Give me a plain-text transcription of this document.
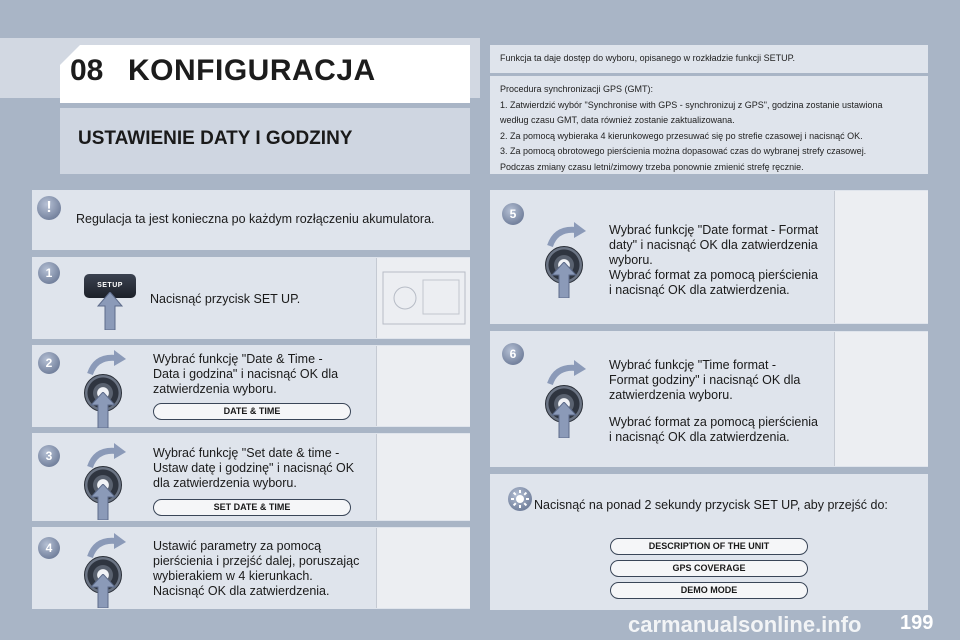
08 KONFIGURACJA
USTAWIENIE DATY I GODZINY
Funkcja ta daje dostęp do wyboru, opisanego w rozkładzie funkcji SETUP.
Procedura synchronizacji GPS (GMT):
1. Zatwierdzić wybór "Synchronise with GPS - synchronizuj z GPS", godzina zostanie ustawiona
według czasu GMT, data również zostanie zaktualizowana.
2. Za pomocą wybieraka 4 kierunkowego przesuwać się po strefie czasowej i nacisnąć OK.
3. Za pomocą obrotowego pierścienia można dopasować czas do wybranej strefy czasowej.
Podczas zmiany czasu letni/zimowy trzeba ponownie zmienić strefę ręcznie.
!
Regulacja ta jest konieczna po każdym rozłączeniu akumulatora.
1
SETUP
Nacisnąć przycisk SET UP.
2	Wybrać funkcję "Date & Time -
Data i godzina" i nacisnąć OK dla
zatwierdzenia wyboru.
DATE & TIME
3	Wybrać funkcję "Set date & time -
Ustaw datę i godzinę" i nacisnąć OK
dla zatwierdzenia wyboru.
SET DATE & TIME
4	Ustawić parametry za pomocą
pierścienia i przejść dalej, poruszając
wybierakiem w 4 kierunkach.
Nacisnąć OK dla zatwierdzenia.
5
Wybrać funkcję "Date format - Format
daty" i nacisnąć OK dla zatwierdzenia
wyboru.
Wybrać format za pomocą pierścienia
i nacisnąć OK dla zatwierdzenia.
6
Wybrać funkcję "Time format -
Format godziny" i nacisnąć OK dla
zatwierdzenia wyboru.
Wybrać format za pomocą pierścienia
i nacisnąć OK dla zatwierdzenia.
Nacisnąć na ponad 2 sekundy przycisk SET UP, aby przejść do:
DESCRIPTION OF THE UNIT
GPS COVERAGE
DEMO MODE
carmanualsonline.info 199
